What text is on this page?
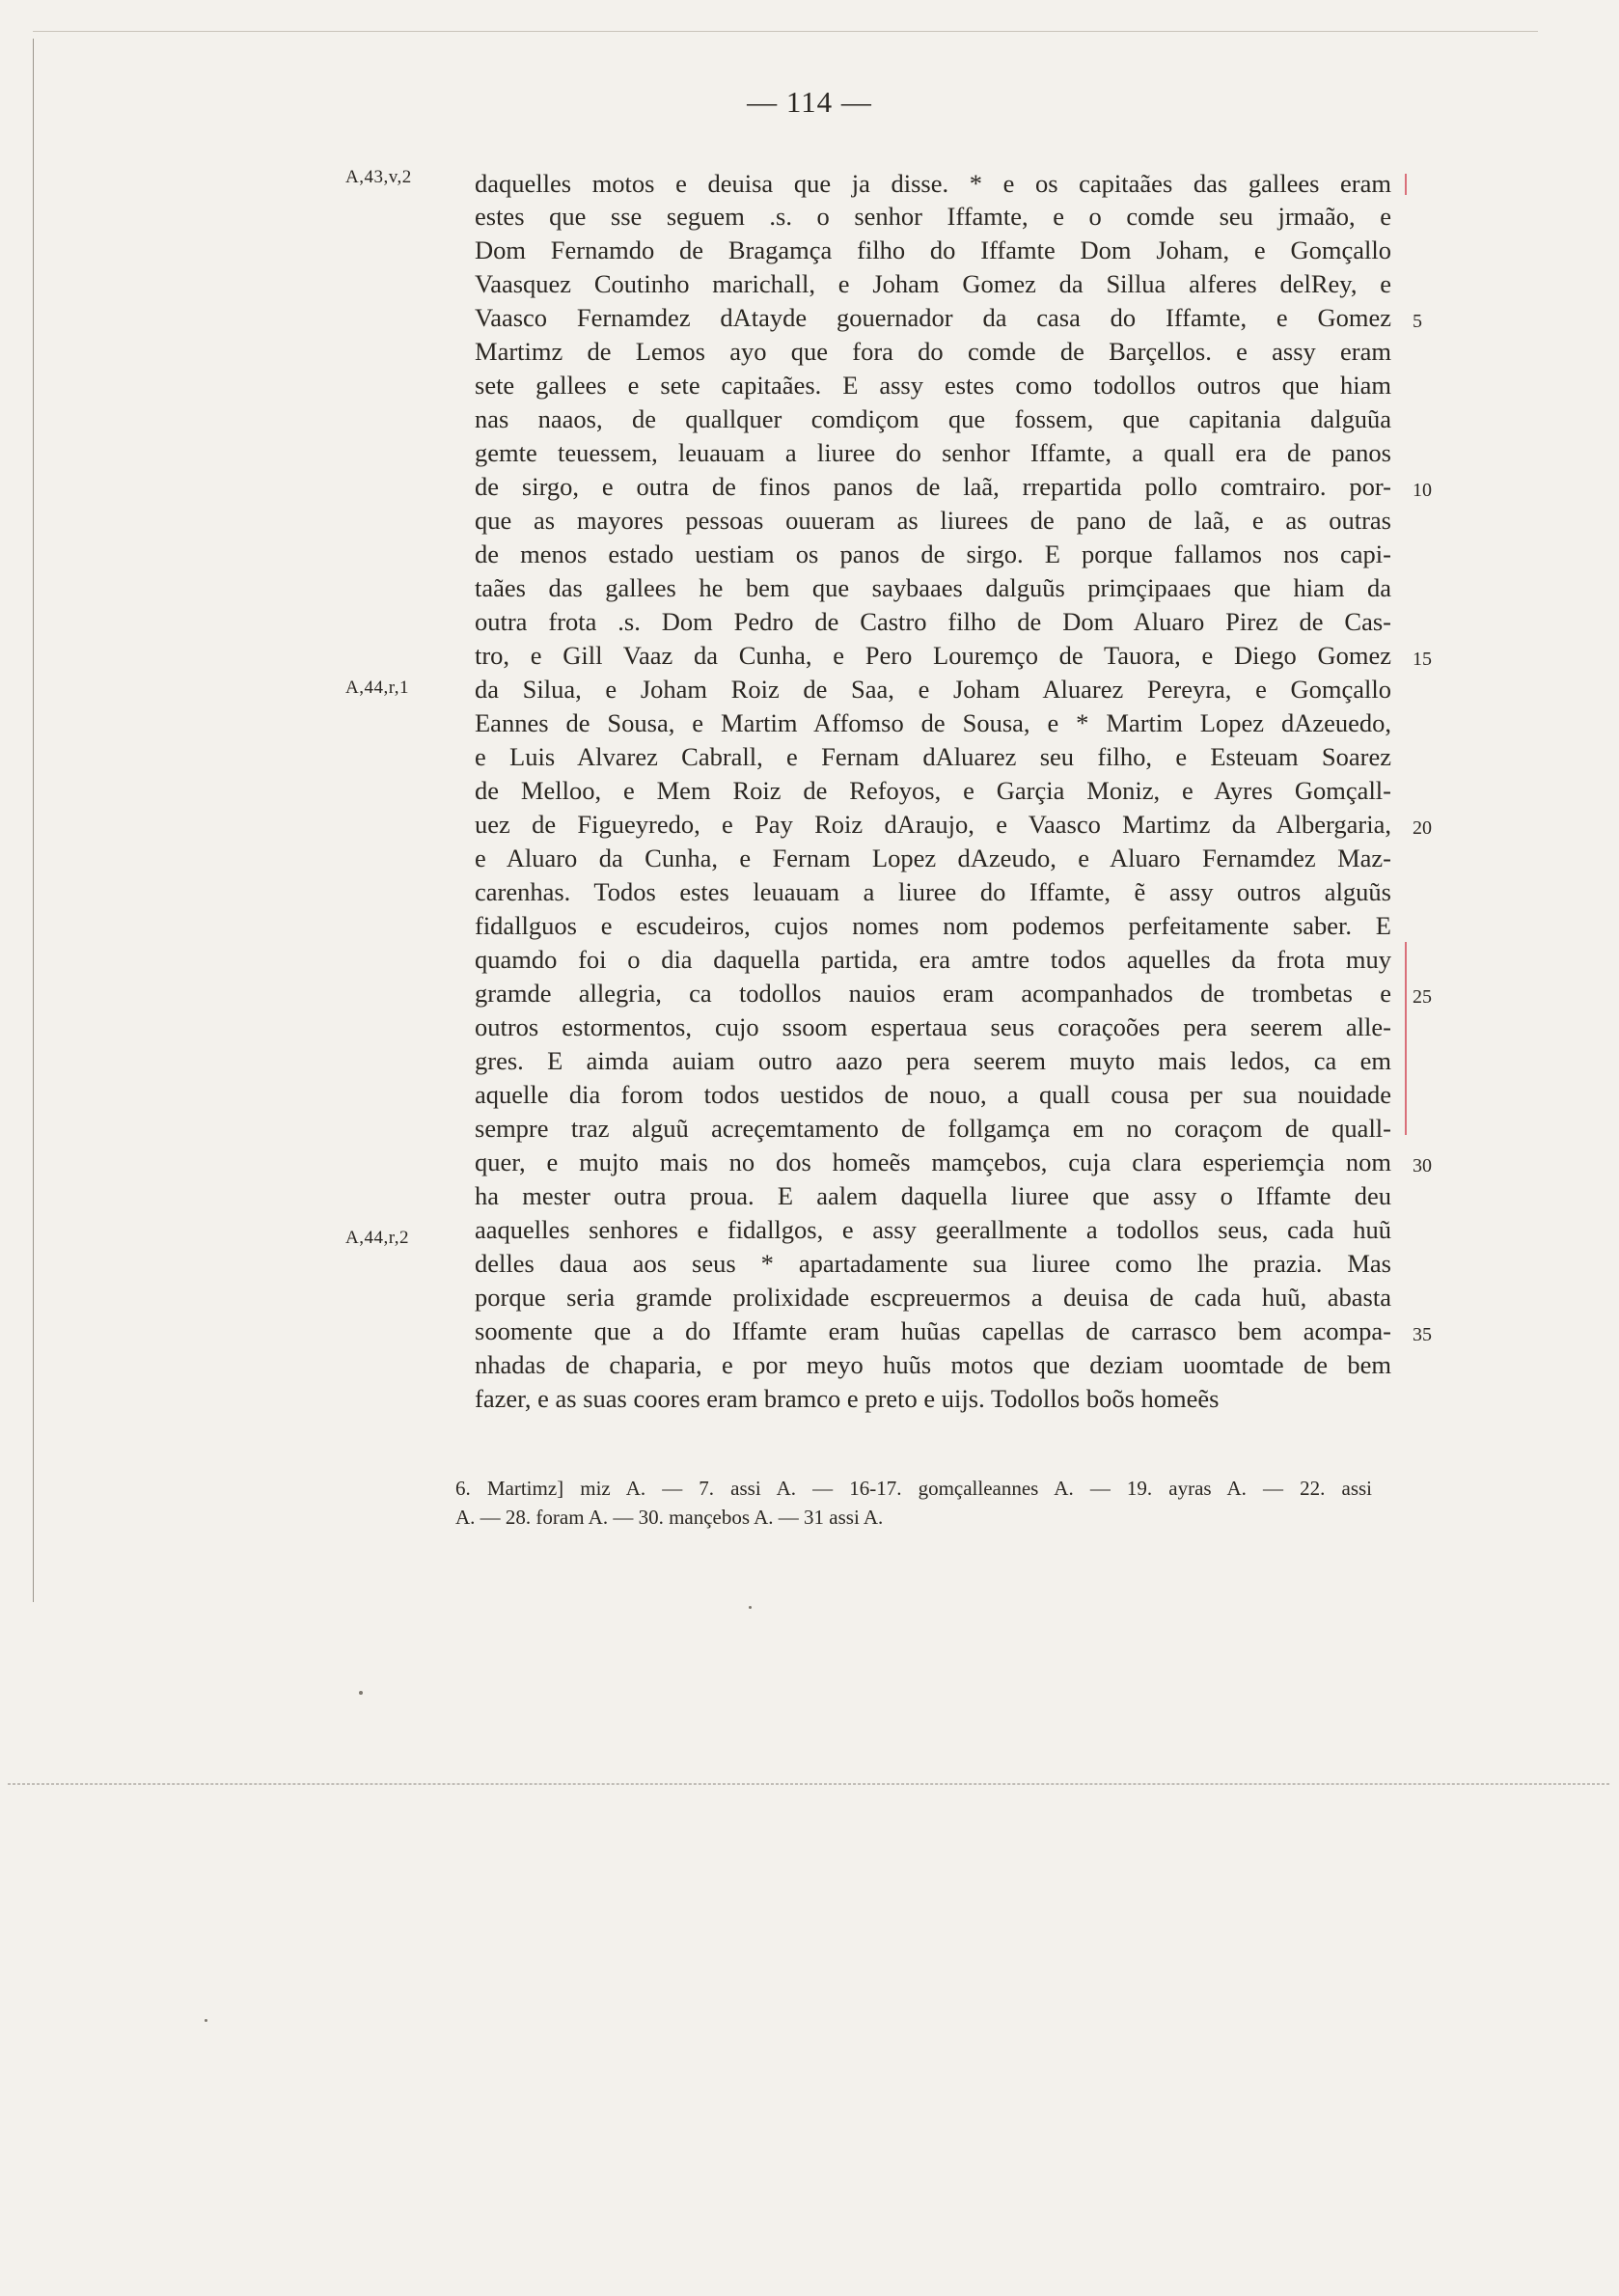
— 114 —
A,43,v,2
A,44,r,1
A,44,r,2
daquelles motos e deuisa que ja disse. * e os capitaães das gallees eram
estes que sse seguem .s. o senhor Iffamte, e o comde seu jrmaão, e
Dom Fernamdo de Bragamça filho do Iffamte Dom Joham, e Gomçallo
Vaasquez Coutinho marichall, e Joham Gomez da Sillua alferes delRey, e
Vaasco Fernamdez dAtayde gouernador da casa do Iffamte, e Gomez
Martimz de Lemos ayo que fora do comde de Barçellos. e assy eram
sete gallees e sete capitaães. E assy estes como todollos outros que hiam
nas naaos, de quallquer comdiçom que fossem, que capitania dalguũa
gemte teuessem, leuauam a liuree do senhor Iffamte, a quall era de panos
de sirgo, e outra de finos panos de laã, rrepartida pollo comtrairo. por-
que as mayores pessoas ouueram as liurees de pano de laã, e as outras
de menos estado uestiam os panos de sirgo. E porque fallamos nos capi-
taães das gallees he bem que saybaaes dalguũs primçipaaes que hiam da
outra frota .s. Dom Pedro de Castro filho de Dom Aluaro Pirez de Cas-
tro, e Gill Vaaz da Cunha, e Pero Louremço de Tauora, e Diego Gomez
da Silua, e Joham Roiz de Saa, e Joham Aluarez Pereyra, e Gomçallo
Eannes de Sousa, e Martim Affomso de Sousa, e * Martim Lopez dAzeuedo,
e Luis Alvarez Cabrall, e Fernam dAluarez seu filho, e Esteuam Soarez
de Melloo, e Mem Roiz de Refoyos, e Garçia Moniz, e Ayres Gomçall-
uez de Figueyredo, e Pay Roiz dAraujo, e Vaasco Martimz da Albergaria,
e Aluaro da Cunha, e Fernam Lopez dAzeudo, e Aluaro Fernamdez Maz-
carenhas. Todos estes leuauam a liuree do Iffamte, ẽ assy outros alguũs
fidallguos e escudeiros, cujos nomes nom podemos perfeitamente saber. E
quamdo foi o dia daquella partida, era amtre todos aquelles da frota muy
gramde allegria, ca todollos nauios eram acompanhados de trombetas e
outros estormentos, cujo ssoom espertaua seus coraçoões pera seerem alle-
gres. E aimda auiam outro aazo pera seerem muyto mais ledos, ca em
aquelle dia forom todos uestidos de nouo, a quall cousa per sua nouidade
sempre traz alguũ acreçemtamento de follgamça em no coraçom de quall-
quer, e mujto mais no dos homeẽs mamçebos, cuja clara esperiemçia nom
ha mester outra proua. E aalem daquella liuree que assy o Iffamte deu
aaquelles senhores e fidallgos, e assy geerallmente a todollos seus, cada huũ
delles daua aos seus * apartadamente sua liuree como lhe prazia. Mas
porque seria gramde prolixidade escpreuermos a deuisa de cada huũ, abasta
soomente que a do Iffamte eram huũas capellas de carrasco bem acompa-
nhadas de chaparia, e por meyo huũs motos que deziam uoomtade de bem
fazer, e as suas coores eram bramco e preto e uijs. Todollos boõs homeẽs
5
10
15
20
25
30
35
6. Martimz] miz A. — 7. assi A. — 16-17. gomçalleannes A. — 19. ayras A. — 22. assi
A. — 28. foram A. — 30. mançebos A. — 31 assi A.
